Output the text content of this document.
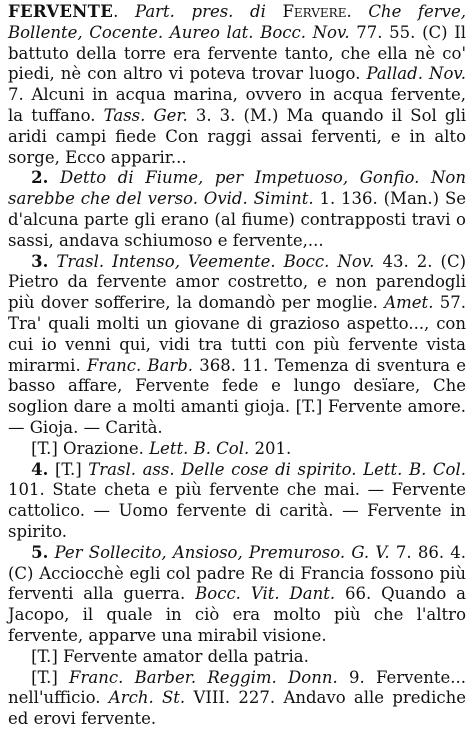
FERVENTE. Part. pres. di Fervere. Che ferve, Bollente, Cocente. Aureo lat. Bocc. Nov. 77. 55. (C) Il battuto della torre era fervente tanto, che ella nè co' piedi, nè con altro vi poteva trovar luogo. Pallad. Nov. 7. Alcuni in acqua marina, ovvero in acqua fervente, la tuffano. Tass. Ger. 3. 3. (M.) Ma quando il Sol gli aridi campi fiede Con raggi assai ferventi, e in alto sorge, Ecco apparir...

2. Detto di Fiume, per Impetuoso, Gonfio. Non sarebbe che del verso. Ovid. Simint. 1. 136. (Man.) Se d'alcuna parte gli erano (al fiume) contrapposti travi o sassi, andava schiumoso e fervente,...

3. Trasl. Intenso, Veemente. Bocc. Nov. 43. 2. (C) Pietro da fervente amor costretto, e non parendogli più dover sofferire, la domandò per moglie. Amet. 57. Tra' quali molti un giovane di grazioso aspetto..., con cui io venni qui, vidi tra tutti con più fervente vista mirarmi. Franc. Barb. 368. 11. Temenza di sventura e basso affare, Fervente fede e lungo desïare, Che soglion dare a molti amanti gioja. [T.] Fervente amore. — Gioja. — Carità.

[T.] Orazione. Lett. B. Col. 201.

4. [T.] Trasl. ass. Delle cose di spirito. Lett. B. Col. 101. State cheta e più fervente che mai. — Fervente cattolico. — Uomo fervente di carità. — Fervente in spirito.

5. Per Sollecito, Ansioso, Premuroso. G. V. 7. 86. 4. (C) Acciocchè egli col padre Re di Francia fossono più ferventi alla guerra. Bocc. Vit. Dant. 66. Quando a Jacopo, il quale in ciò era molto più che l'altro fervente, apparve una mirabil visione.

[T.] Fervente amator della patria.

[T.] Franc. Barber. Reggim. Donn. 9. Fervente... nell'ufficio. Arch. St. VIII. 227. Andavo alle prediche ed erovi fervente.
